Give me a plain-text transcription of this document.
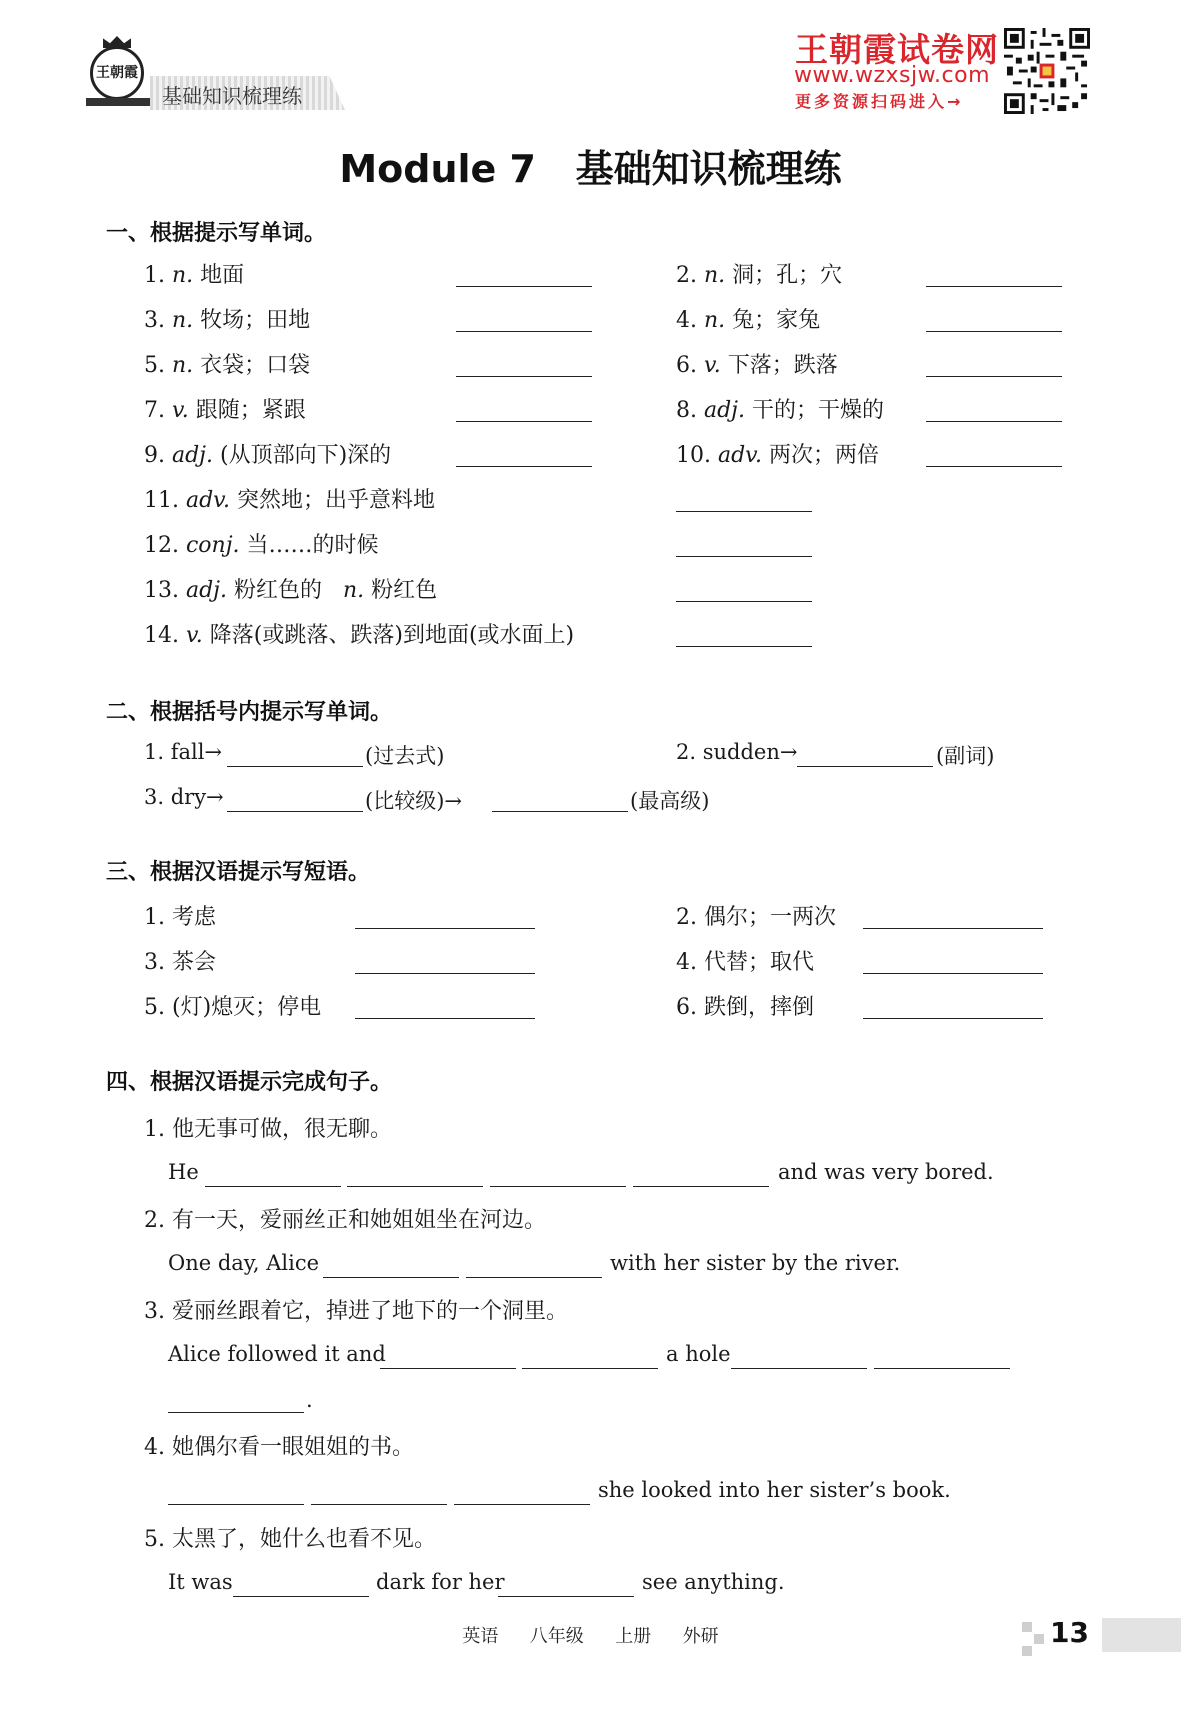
王朝霞
基础知识梳理练
王朝霞试卷网
www.wzxsjw.com
更多资源扫码进入→
Module 7   基础知识梳理练
一、根据提示写单词。
1. n. 地面	2. n. 洞；孔；穴
3. n. 牧场；田地	4. n. 兔；家兔
5. n. 衣袋；口袋	6. v. 下落；跌落
7. v. 跟随；紧跟	8. adj. 干的；干燥的
9. adj. (从顶部向下)深的	10. adv. 两次；两倍
11. adv. 突然地；出乎意料地
12. conj. 当……的时候
13. adj. 粉红色的   n. 粉红色
14. v. 降落(或跳落、跌落)到地面(或水面上)
二、根据括号内提示写单词。
1. fall→	(过去式)	2. sudden→	(副词)
3. dry→	(比较级)→	(最高级)
三、根据汉语提示写短语。
1. 考虑	2. 偶尔；一两次
3. 茶会	4. 代替；取代
5. (灯)熄灭；停电	6. 跌倒，摔倒
四、根据汉语提示完成句子。
1. 他无事可做，很无聊。
He	and was very bored.
2. 有一天，爱丽丝正和她姐姐坐在河边。
One day, Alice	with her sister by the river.
3. 爱丽丝跟着它，掉进了地下的一个洞里。
Alice followed it and	a hole
.
4. 她偶尔看一眼姐姐的书。
she looked into her sister’s book.
5. 太黑了，她什么也看不见。
It was	dark for her	see anything.
英语  八年级  上册  外研	13
